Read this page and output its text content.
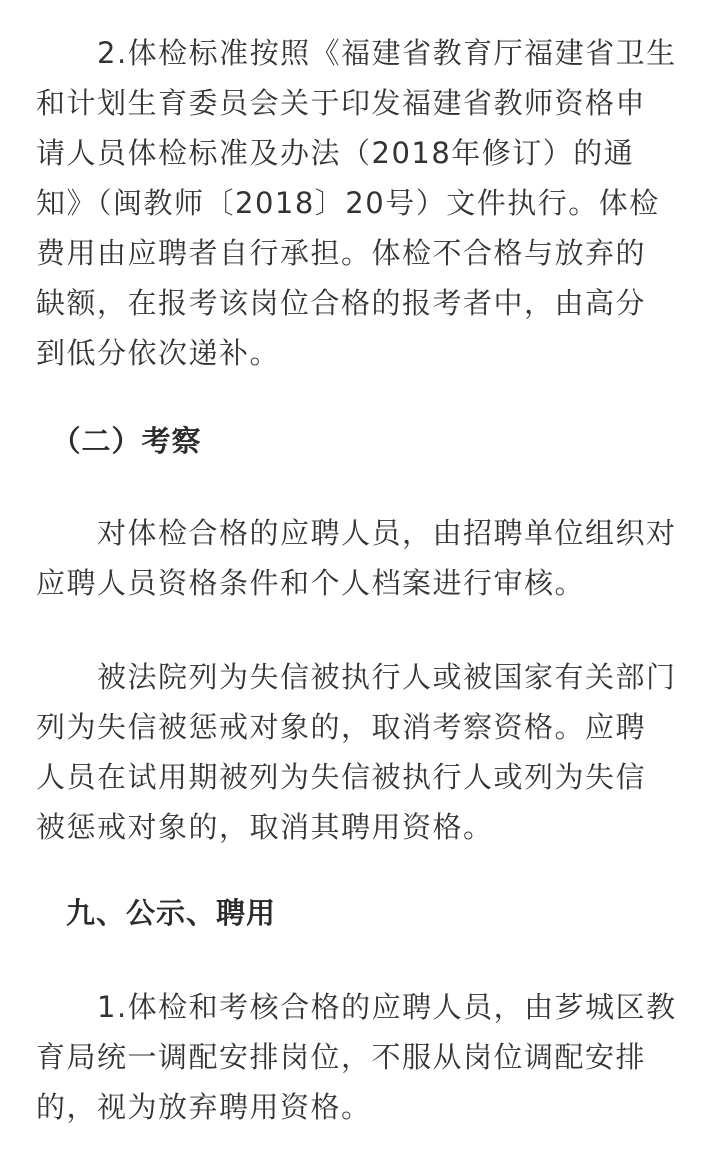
　　2.体检标准按照《福建省教育厅福建省卫生
和计划生育委员会关于印发福建省教师资格申
请人员体检标准及办法（2018年修订）的通
知》（闽教师〔2018〕20号）文件执行。体检
费用由应聘者自行承担。体检不合格与放弃的
缺额，在报考该岗位合格的报考者中，由高分
到低分依次递补。

　（二）考察

　　对体检合格的应聘人员，由招聘单位组织对
应聘人员资格条件和个人档案进行审核。

　　被法院列为失信被执行人或被国家有关部门
列为失信被惩戒对象的，取消考察资格。应聘
人员在试用期被列为失信被执行人或列为失信
被惩戒对象的，取消其聘用资格。

　九、公示、聘用

　　1.体检和考核合格的应聘人员，由芗城区教
育局统一调配安排岗位，不服从岗位调配安排
的，视为放弃聘用资格。
